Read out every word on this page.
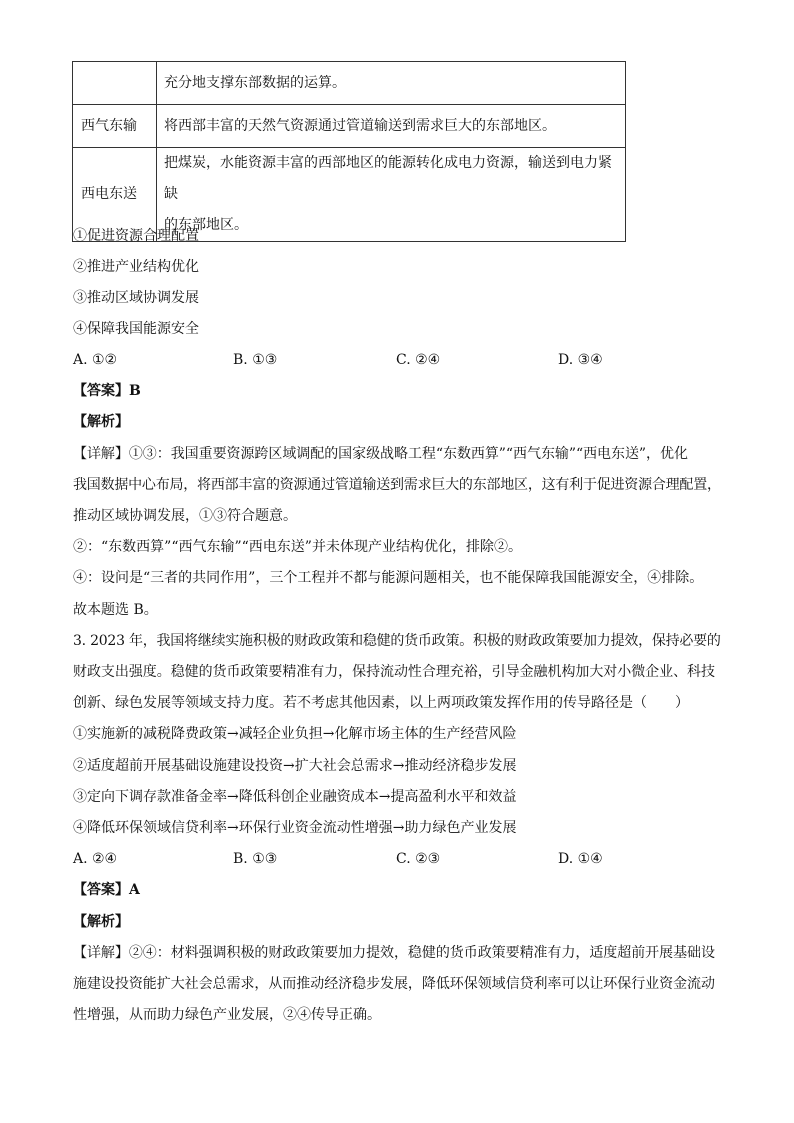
	充分地支撑东部数据的运算。
西气东输	将西部丰富的天然气资源通过管道输送到需求巨大的东部地区。
西电东送	把煤炭，水能资源丰富的西部地区的能源转化成电力资源，输送到电力紧缺
的东部地区。
①促进资源合理配置
②推进产业结构优化
③推动区域协调发展
④保障我国能源安全
A. ①②	B. ①③	C. ②④	D. ③④
【答案】B
【解析】
【详解】①③：我国重要资源跨区域调配的国家级战略工程“东数西算”“西气东输”“西电东送”，优化
我国数据中心布局，将西部丰富的资源通过管道输送到需求巨大的东部地区，这有利于促进资源合理配置，
推动区域协调发展，①③符合题意。
②：“东数西算”“西气东输”“西电东送”并未体现产业结构优化，排除②。
④：设问是“三者的共同作用”，三个工程并不都与能源问题相关，也不能保障我国能源安全，④排除。
故本题选 B。
3. 2023 年，我国将继续实施积极的财政政策和稳健的货币政策。积极的财政政策要加力提效，保持必要的
财政支出强度。稳健的货币政策要精准有力，保持流动性合理充裕，引导金融机构加大对小微企业、科技
创新、绿色发展等领域支持力度。若不考虑其他因素，以上两项政策发挥作用的传导路径是（　　）
①实施新的减税降费政策→减轻企业负担→化解市场主体的生产经营风险
②适度超前开展基础设施建设投资→扩大社会总需求→推动经济稳步发展
③定向下调存款准备金率→降低科创企业融资成本→提高盈利水平和效益
④降低环保领域信贷利率→环保行业资金流动性增强→助力绿色产业发展
A. ②④	B. ①③	C. ②③	D. ①④
【答案】A
【解析】
【详解】②④：材料强调积极的财政政策要加力提效，稳健的货币政策要精准有力，适度超前开展基础设
施建设投资能扩大社会总需求，从而推动经济稳步发展，降低环保领域信贷利率可以让环保行业资金流动
性增强，从而助力绿色产业发展，②④传导正确。
